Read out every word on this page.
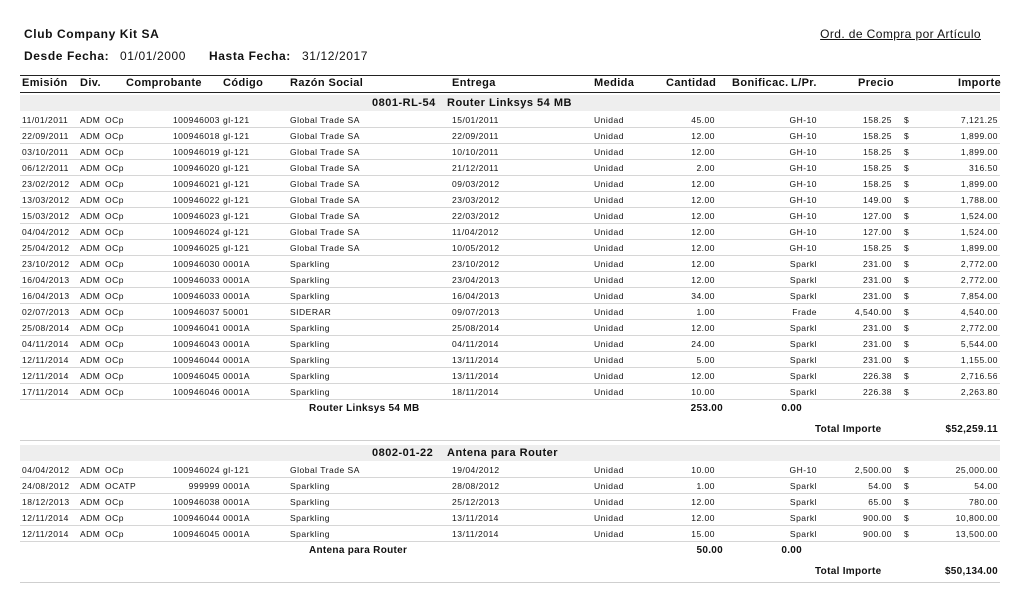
Club Company Kit SA	Ord. de Compra por Artículo
Desde Fecha: 01/01/2000 Hasta Fecha: 31/12/2017
Emisión Div. Comprobante Código Razón Social	Entrega	Medida	Cantidad Bonificac. L/Pr.	Precio	Importe
0801-RL-54 Router Linksys 54 MB
11/01/2011 ADM OCp	100946003 gl-121	Global Trade SA	15/01/2011	Unidad	45.00	GH-10	158.25 $	7,121.25
22/09/2011 ADM OCp	100946018 gl-121	Global Trade SA	22/09/2011	Unidad	12.00	GH-10	158.25 $	1,899.00
03/10/2011 ADM OCp	100946019 gl-121	Global Trade SA	10/10/2011	Unidad	12.00	GH-10	158.25 $	1,899.00
06/12/2011 ADM OCp	100946020 gl-121	Global Trade SA	21/12/2011	Unidad	2.00	GH-10	158.25 $	316.50
23/02/2012 ADM OCp	100946021 gl-121	Global Trade SA	09/03/2012	Unidad	12.00	GH-10	158.25 $	1,899.00
13/03/2012 ADM OCp	100946022 gl-121	Global Trade SA	23/03/2012	Unidad	12.00	GH-10	149.00 $	1,788.00
15/03/2012 ADM OCp	100946023 gl-121	Global Trade SA	22/03/2012	Unidad	12.00	GH-10	127.00 $	1,524.00
04/04/2012 ADM OCp	100946024 gl-121	Global Trade SA	11/04/2012	Unidad	12.00	GH-10	127.00 $	1,524.00
25/04/2012 ADM OCp	100946025 gl-121	Global Trade SA	10/05/2012	Unidad	12.00	GH-10	158.25 $	1,899.00
23/10/2012 ADM OCp	100946030 0001A	Sparkling	23/10/2012	Unidad	12.00	Sparkl	231.00 $	2,772.00
16/04/2013 ADM OCp	100946033 0001A	Sparkling	23/04/2013	Unidad	12.00	Sparkl	231.00 $	2,772.00
16/04/2013 ADM OCp	100946033 0001A	Sparkling	16/04/2013	Unidad	34.00	Sparkl	231.00 $	7,854.00
02/07/2013 ADM OCp	100946037 50001	SIDERAR	09/07/2013	Unidad	1.00	Frade	4,540.00 $	4,540.00
25/08/2014 ADM OCp	100946041 0001A	Sparkling	25/08/2014	Unidad	12.00	Sparkl	231.00 $	2,772.00
04/11/2014 ADM OCp	100946043 0001A	Sparkling	04/11/2014	Unidad	24.00	Sparkl	231.00 $	5,544.00
12/11/2014 ADM OCp	100946044 0001A	Sparkling	13/11/2014	Unidad	5.00	Sparkl	231.00 $	1,155.00
12/11/2014 ADM OCp	100946045 0001A	Sparkling	13/11/2014	Unidad	12.00	Sparkl	226.38 $	2,716.56
17/11/2014 ADM OCp	100946046 0001A	Sparkling	18/11/2014	Unidad	10.00	Sparkl	226.38 $	2,263.80
Router Linksys 54 MB	253.00	0.00
Total Importe	$52,259.11
0802-01-22 Antena para Router
04/04/2012 ADM OCp	100946024 gl-121	Global Trade SA	19/04/2012	Unidad	10.00	GH-10	2,500.00 $	25,000.00
24/08/2012 ADM OCATP	999999 0001A	Sparkling	28/08/2012	Unidad	1.00	Sparkl	54.00 $	54.00
18/12/2013 ADM OCp	100946038 0001A	Sparkling	25/12/2013	Unidad	12.00	Sparkl	65.00 $	780.00
12/11/2014 ADM OCp	100946044 0001A	Sparkling	13/11/2014	Unidad	12.00	Sparkl	900.00 $	10,800.00
12/11/2014 ADM OCp	100946045 0001A	Sparkling	13/11/2014	Unidad	15.00	Sparkl	900.00 $	13,500.00
Antena para Router	50.00	0.00
Total Importe	$50,134.00
